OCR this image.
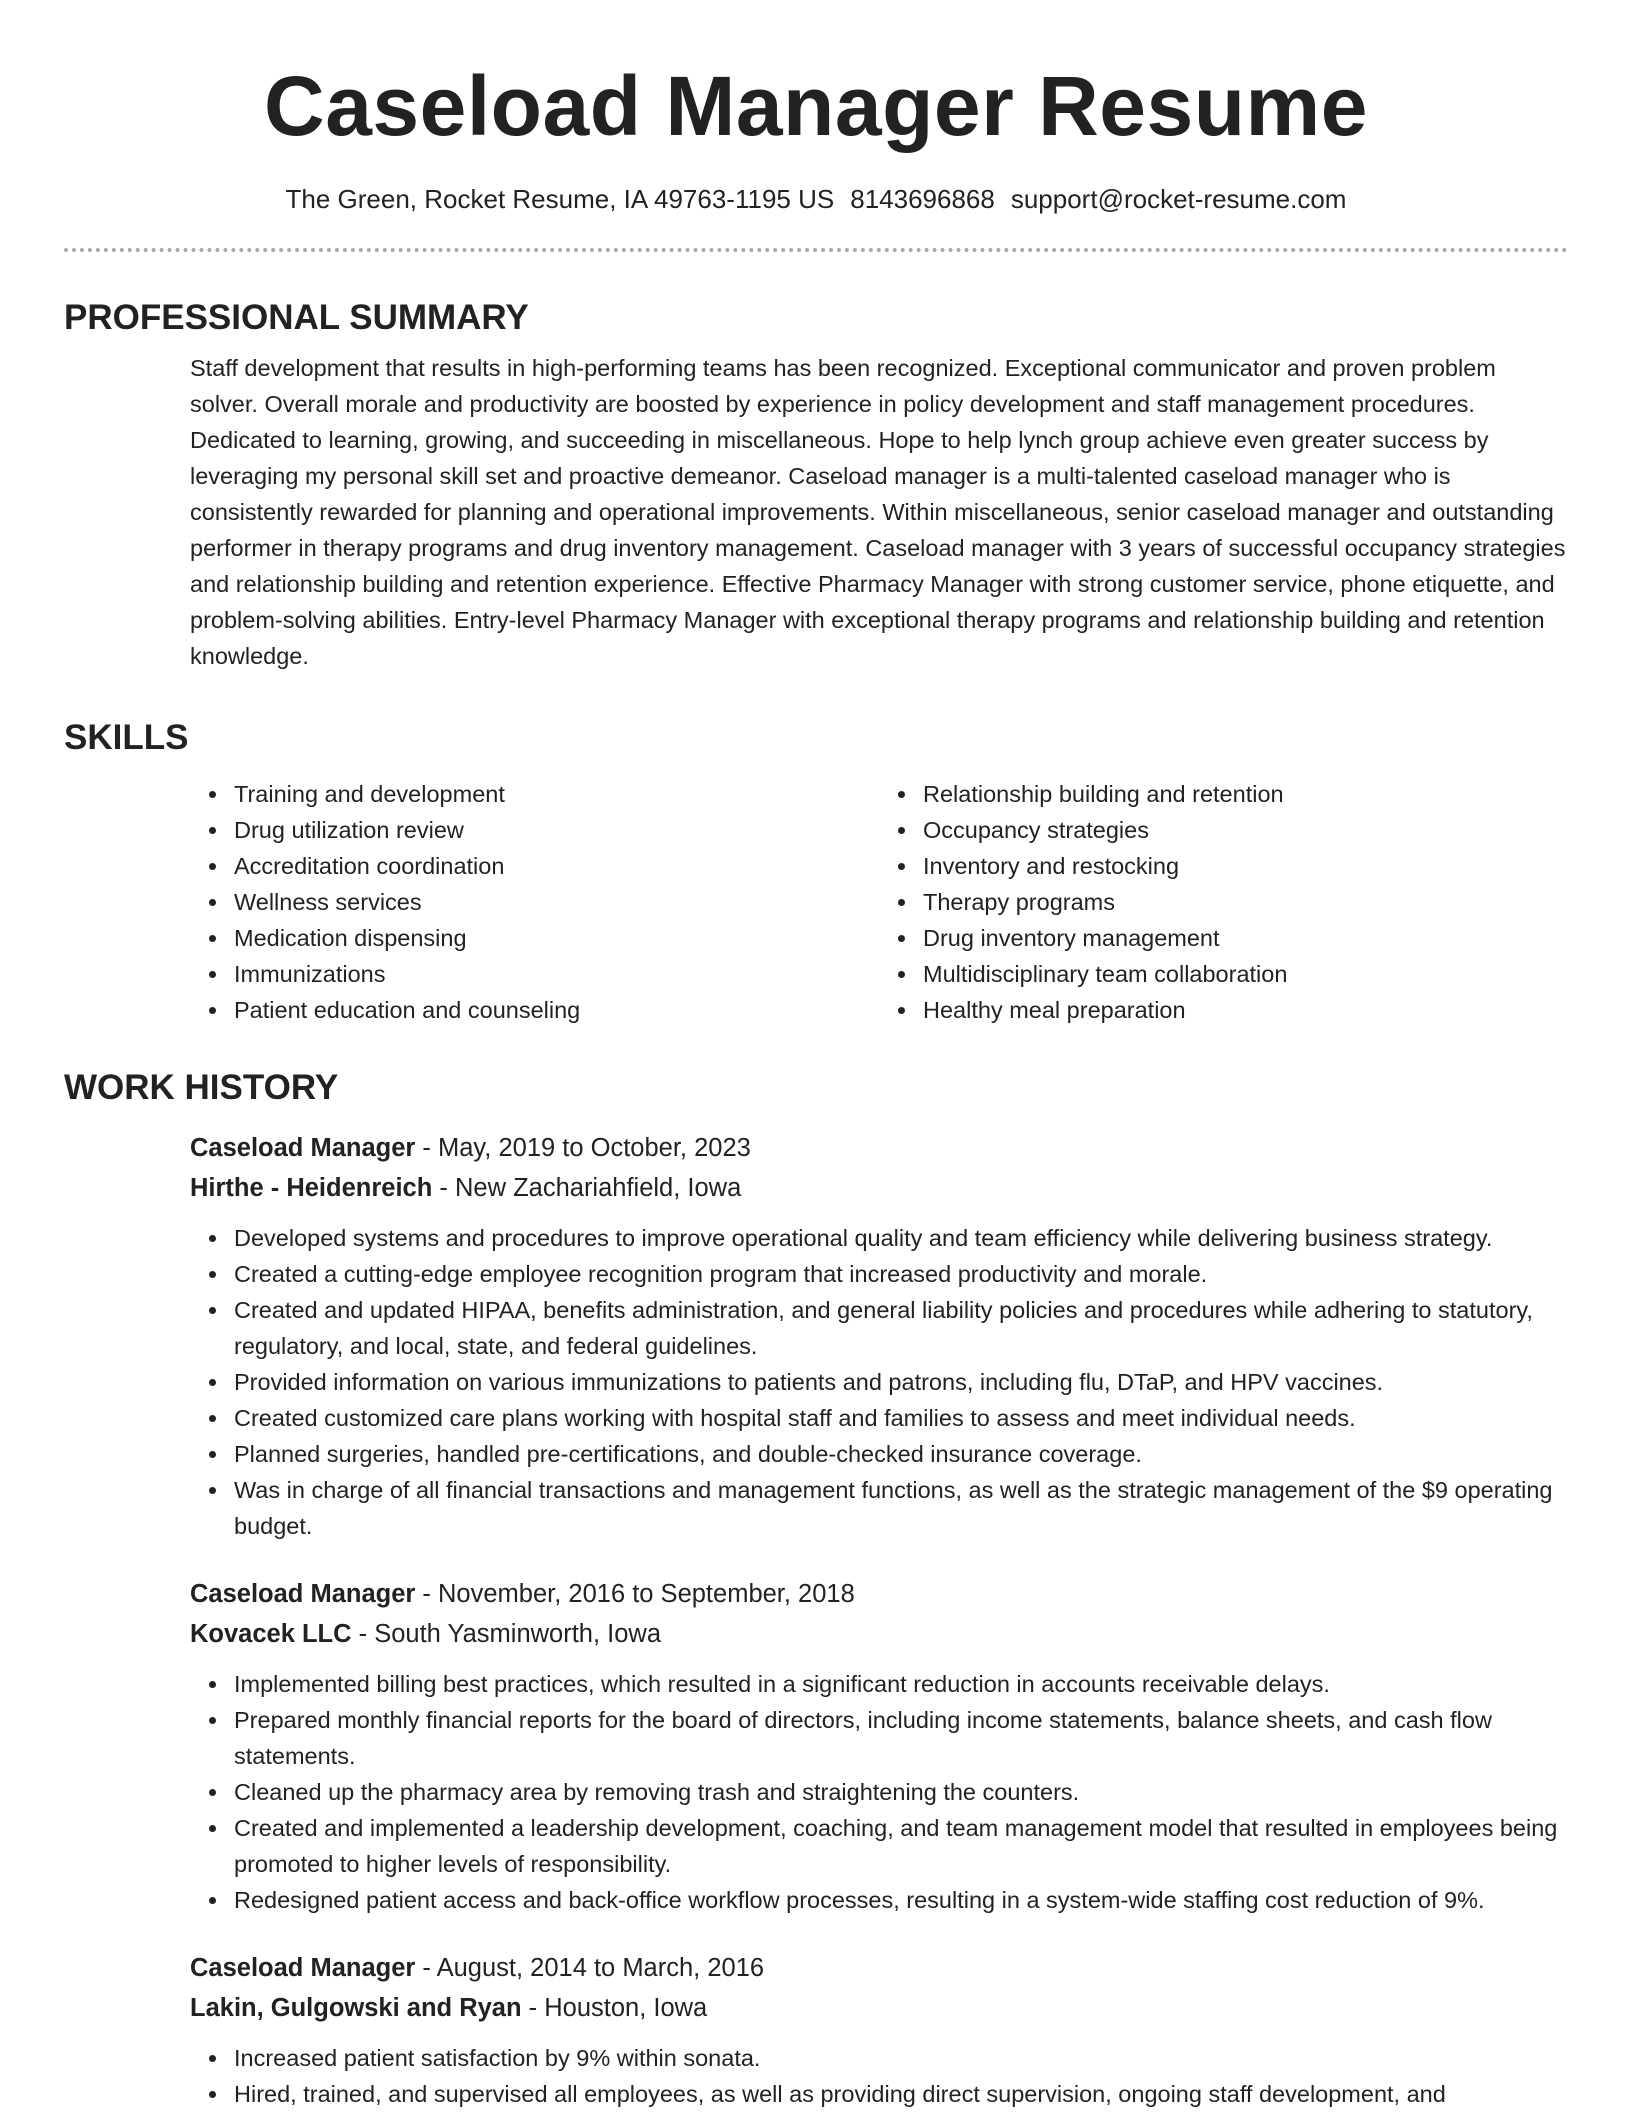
Caseload Manager Resume
The Green, Rocket Resume, IA 49763-1195 US 8143696868 support@rocket-resume.com
PROFESSIONAL SUMMARY

Staff development that results in high-performing teams has been recognized. Exceptional communicator and proven problem solver. Overall morale and productivity are boosted by experience in policy development and staff management procedures. Dedicated to learning, growing, and succeeding in miscellaneous. Hope to help lynch group achieve even greater success by leveraging my personal skill set and proactive demeanor. Caseload manager is a multi-talented caseload manager who is consistently rewarded for planning and operational improvements. Within miscellaneous, senior caseload manager and outstanding performer in therapy programs and drug inventory management. Caseload manager with 3 years of successful occupancy strategies and relationship building and retention experience. Effective Pharmacy Manager with strong customer service, phone etiquette, and problem-solving abilities. Entry-level Pharmacy Manager with exceptional therapy programs and relationship building and retention knowledge.

SKILLS
Training and development
Drug utilization review
Accreditation coordination
Wellness services
Medication dispensing
Immunizations
Patient education and counseling
Relationship building and retention
Occupancy strategies
Inventory and restocking
Therapy programs
Drug inventory management
Multidisciplinary team collaboration
Healthy meal preparation
WORK HISTORY
Caseload Manager - May, 2019 to October, 2023
Hirthe - Heidenreich - New Zachariahfield, Iowa
Developed systems and procedures to improve operational quality and team efficiency while delivering business strategy.
Created a cutting-edge employee recognition program that increased productivity and morale.
Created and updated HIPAA, benefits administration, and general liability policies and procedures while adhering to statutory, regulatory, and local, state, and federal guidelines.
Provided information on various immunizations to patients and patrons, including flu, DTaP, and HPV vaccines.
Created customized care plans working with hospital staff and families to assess and meet individual needs.
Planned surgeries, handled pre-certifications, and double-checked insurance coverage.
Was in charge of all financial transactions and management functions, as well as the strategic management of the $9 operating budget.
Caseload Manager - November, 2016 to September, 2018
Kovacek LLC - South Yasminworth, Iowa
Implemented billing best practices, which resulted in a significant reduction in accounts receivable delays.
Prepared monthly financial reports for the board of directors, including income statements, balance sheets, and cash flow statements.
Cleaned up the pharmacy area by removing trash and straightening the counters.
Created and implemented a leadership development, coaching, and team management model that resulted in employees being promoted to higher levels of responsibility.
Redesigned patient access and back-office workflow processes, resulting in a system-wide staffing cost reduction of 9%.
Caseload Manager - August, 2014 to March, 2016
Lakin, Gulgowski and Ryan - Houston, Iowa
Increased patient satisfaction by 9% within sonata.
Hired, trained, and supervised all employees, as well as providing direct supervision, ongoing staff development, and
